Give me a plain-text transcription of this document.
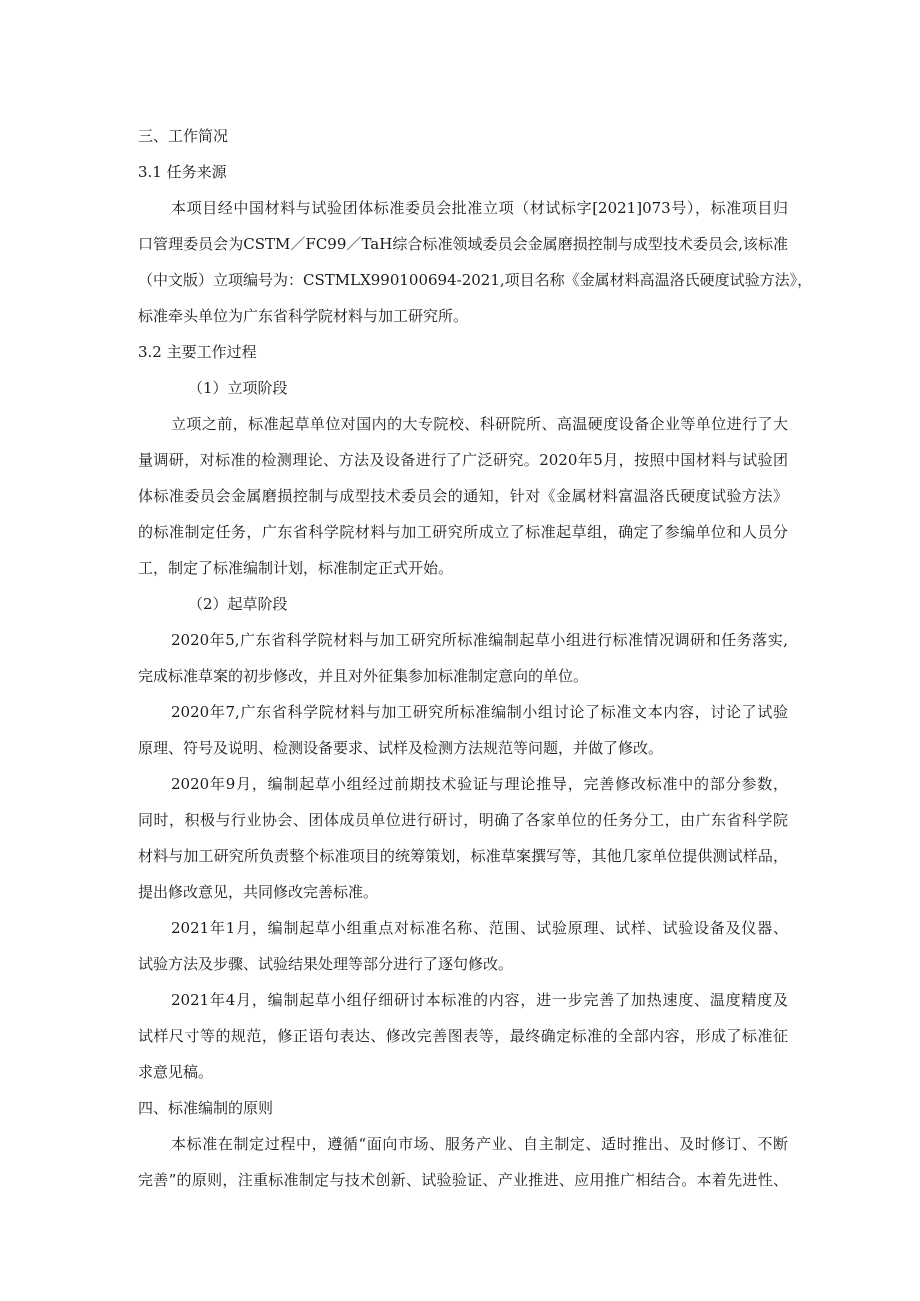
三、工作简况

3.1 任务来源

本项目经中国材料与试验团体标准委员会批准立项（材试标字[2021]073号），标准项目归

口管理委员会为CSTM／FC99／TaH综合标准领域委员会金属磨损控制与成型技术委员会,该标准

（中文版）立项编号为：CSTMLX990100694-2021,项目名称《金属材料高温洛氏硬度试验方法》，

标准牵头单位为广东省科学院材料与加工研究所。

3.2 主要工作过程

（1）立项阶段

立项之前，标准起草单位对国内的大专院校、科研院所、高温硬度设备企业等单位进行了大

量调研，对标准的检测理论、方法及设备进行了广泛研究。2020年5月，按照中国材料与试验团

体标准委员会金属磨损控制与成型技术委员会的通知，针对《金属材料富温洛氏硬度试验方法》

的标准制定任务，广东省科学院材料与加工研究所成立了标准起草组，确定了参编单位和人员分

工，制定了标准编制计划，标准制定正式开始。

（2）起草阶段

2020年5,广东省科学院材料与加工研究所标准编制起草小组进行标准情况调研和任务落实,

完成标准草案的初步修改，并且对外征集参加标准制定意向的单位。

2020年7,广东省科学院材料与加工研究所标准编制小组讨论了标准文本内容，讨论了试验

原理、符号及说明、检测设备要求、试样及检测方法规范等问题，并做了修改。

2020年9月，编制起草小组经过前期技术验证与理论推导，完善修改标准中的部分参数，

同时，积极与行业协会、团体成员单位进行研讨，明确了各家单位的任务分工，由广东省科学院

材料与加工研究所负责整个标准项目的统筹策划，标准草案撰写等，其他几家单位提供测试样品，

提出修改意见，共同修改完善标准。

2021年1月，编制起草小组重点对标准名称、范围、试验原理、试样、试验设备及仪器、

试验方法及步骤、试验结果处理等部分进行了逐句修改。

2021年4月，编制起草小组仔细研讨本标准的内容，进一步完善了加热速度、温度精度及

试样尺寸等的规范，修正语句表达、修改完善图表等，最终确定标准的全部内容，形成了标准征

求意见稿。

四、标准编制的原则

本标准在制定过程中，遵循“面向市场、服务产业、自主制定、适时推出、及时修订、不断

完善”的原则，注重标准制定与技术创新、试验验证、产业推进、应用推广相结合。本着先进性、
